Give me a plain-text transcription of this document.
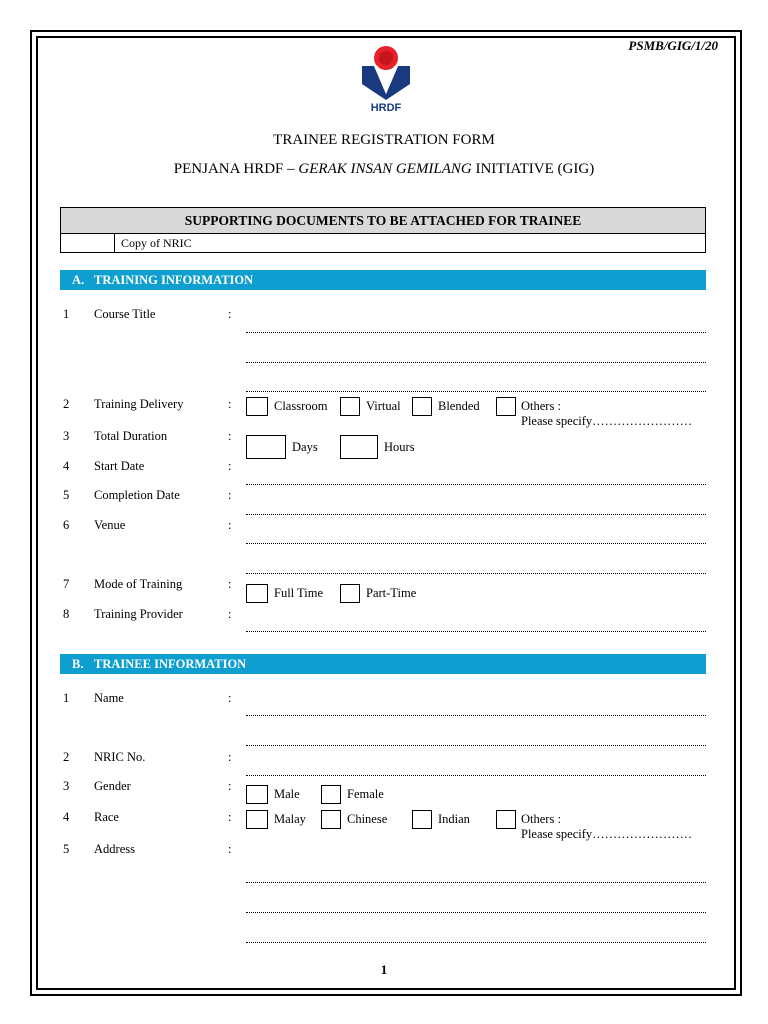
PSMB/GIG/1/20
HRDF
TRAINEE REGISTRATION FORM
PENJANA HRDF – GERAK INSAN GEMILANG INITIATIVE (GIG)
SUPPORTING DOCUMENTS TO BE ATTACHED FOR TRAINEE
Copy of NRIC
A. TRAINING INFORMATION
1 Course Title	:
2 Training Delivery	:	Classroom	Virtual	Blended	Others :
Please specify……………………
3 Total Duration	:
Days	Hours
4 Start Date	:
5 Completion Date	:
6 Venue	:
7 Mode of Training	:
Full Time	Part-Time
8 Training Provider	:
B. TRAINEE INFORMATION
1 Name	:
2 NRIC No.	:
3 Gender	:
Male	Female
4 Race	:	Malay	Chinese	Indian	Others :
Please specify……………………
5 Address	:
1
